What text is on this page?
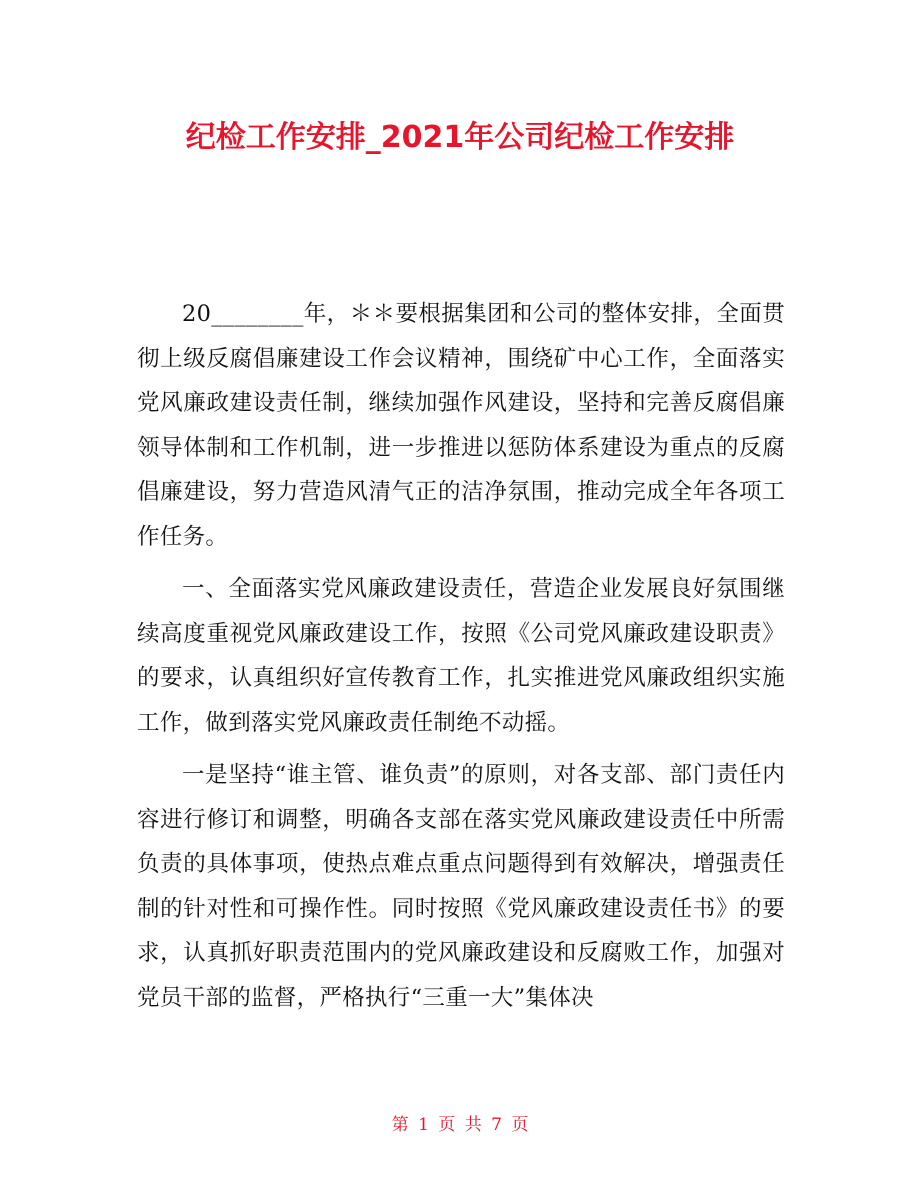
纪检工作安排_2021年公司纪检工作安排

20________年，＊＊要根据集团和公司的整体安排，全面贯彻上级反腐倡廉建设工作会议精神，围绕矿中心工作，全面落实党风廉政建设责任制，继续加强作风建设，坚持和完善反腐倡廉领导体制和工作机制，进一步推进以惩防体系建设为重点的反腐倡廉建设，努力营造风清气正的洁净氛围，推动完成全年各项工作任务。

一、全面落实党风廉政建设责任，营造企业发展良好氛围继续高度重视党风廉政建设工作，按照《公司党风廉政建设职责》的要求，认真组织好宣传教育工作，扎实推进党风廉政组织实施工作，做到落实党风廉政责任制绝不动摇。

一是坚持“谁主管、谁负责”的原则，对各支部、部门责任内容进行修订和调整，明确各支部在落实党风廉政建设责任中所需负责的具体事项，使热点难点重点问题得到有效解决，增强责任制的针对性和可操作性。同时按照《党风廉政建设责任书》的要求，认真抓好职责范围内的党风廉政建设和反腐败工作，加强对党员干部的监督，严格执行“三重一大”集体决

第 1 页 共 7 页
